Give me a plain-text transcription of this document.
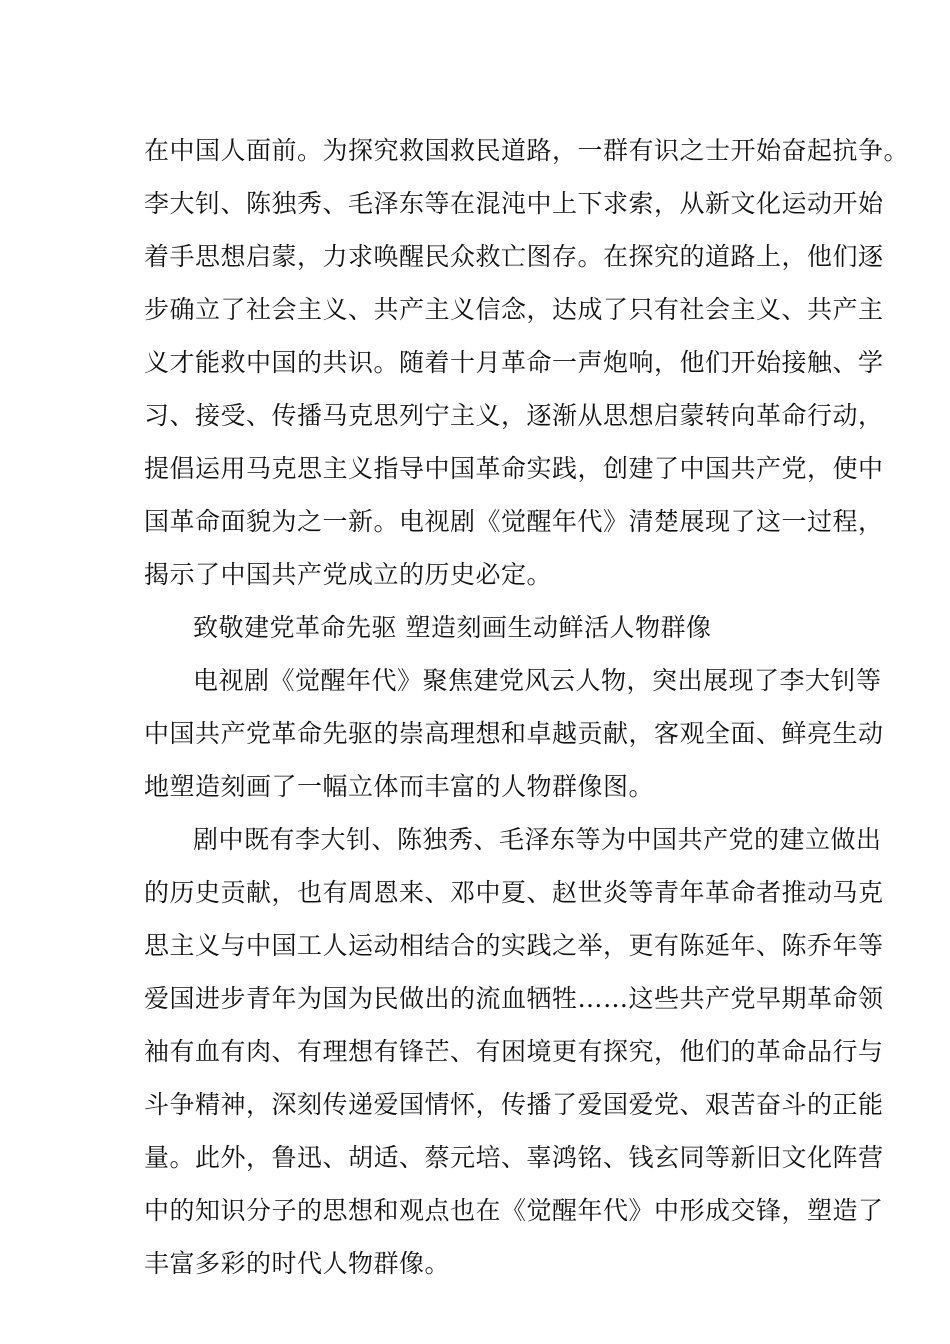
在中国人面前。为探究救国救民道路，一群有识之士开始奋起抗争。
李大钊、陈独秀、毛泽东等在混沌中上下求索，从新文化运动开始
着手思想启蒙，力求唤醒民众救亡图存。在探究的道路上，他们逐
步确立了社会主义、共产主义信念，达成了只有社会主义、共产主
义才能救中国的共识。随着十月革命一声炮响，他们开始接触、学
习、接受、传播马克思列宁主义，逐渐从思想启蒙转向革命行动，
提倡运用马克思主义指导中国革命实践，创建了中国共产党，使中
国革命面貌为之一新。电视剧《觉醒年代》清楚展现了这一过程，
揭示了中国共产党成立的历史必定。
致敬建党革命先驱 塑造刻画生动鲜活人物群像
电视剧《觉醒年代》聚焦建党风云人物，突出展现了李大钊等
中国共产党革命先驱的崇高理想和卓越贡献，客观全面、鲜亮生动
地塑造刻画了一幅立体而丰富的人物群像图。
剧中既有李大钊、陈独秀、毛泽东等为中国共产党的建立做出
的历史贡献，也有周恩来、邓中夏、赵世炎等青年革命者推动马克
思主义与中国工人运动相结合的实践之举，更有陈延年、陈乔年等
爱国进步青年为国为民做出的流血牺牲……这些共产党早期革命领
袖有血有肉、有理想有锋芒、有困境更有探究，他们的革命品行与
斗争精神，深刻传递爱国情怀，传播了爱国爱党、艰苦奋斗的正能
量。此外，鲁迅、胡适、蔡元培、辜鸿铭、钱玄同等新旧文化阵营
中的知识分子的思想和观点也在《觉醒年代》中形成交锋，塑造了
丰富多彩的时代人物群像。
